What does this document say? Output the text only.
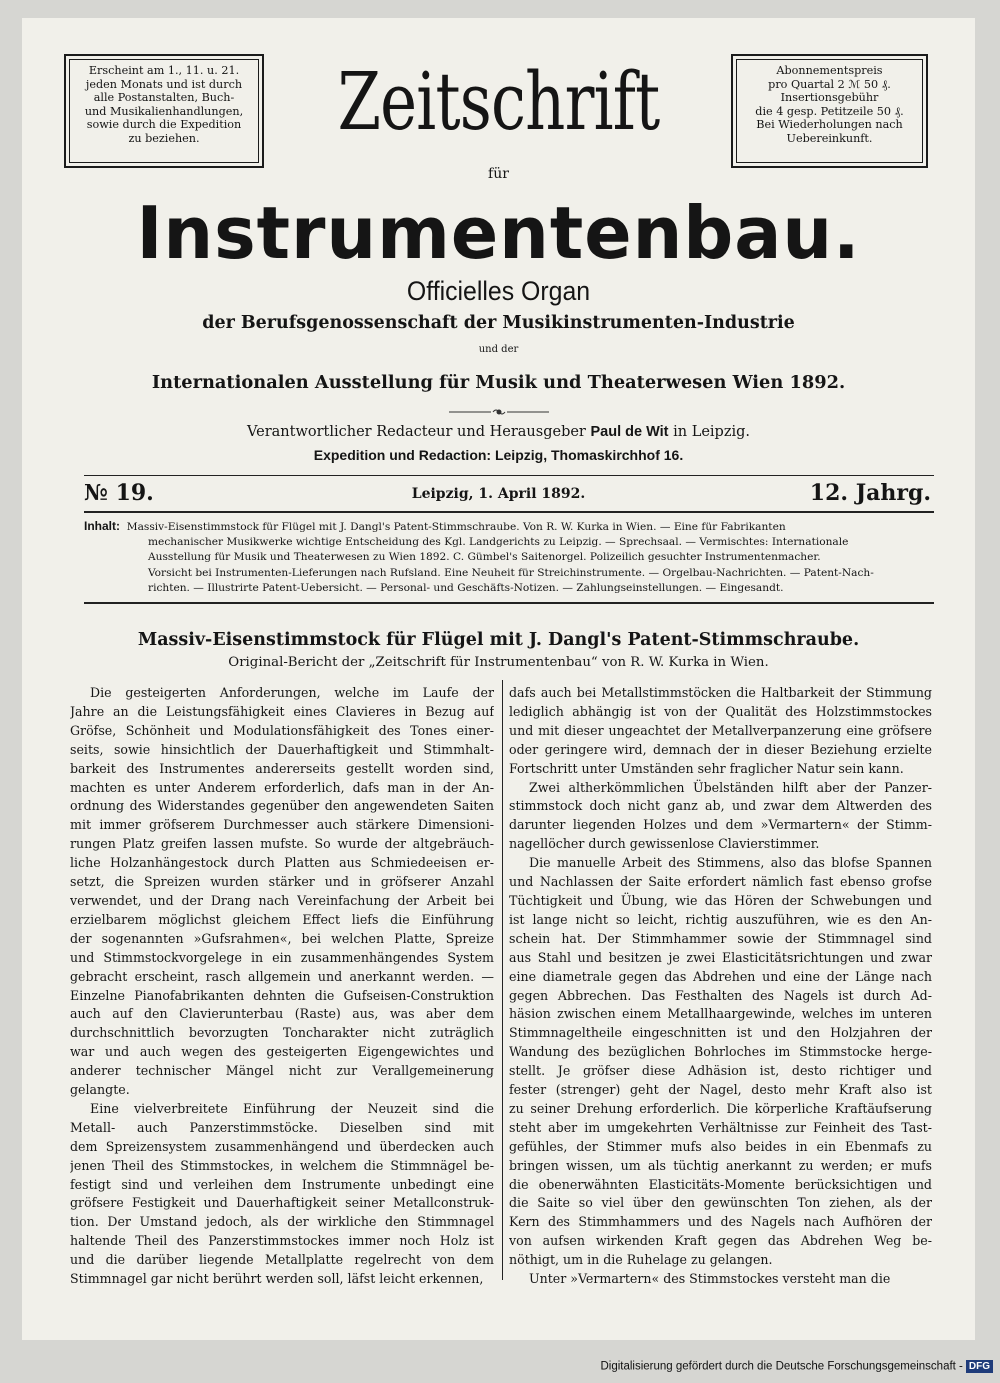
Erscheint am 1., 11. u. 21.
jeden Monats und ist durch
alle Postanstalten, Buch-
und Musikalienhandlungen,
sowie durch die Expedition
zu beziehen.
Abonnementspreis
pro Quartal 2 ℳ 50 ₰.
Insertionsgebühr
die 4 gesp. Petitzeile 50 ₰.
Bei Wiederholungen nach
Uebereinkunft.
Zeitschrift
für
Instrumentenbau.
Officielles Organ
der Berufsgenossenschaft der Musikinstrumenten-Industrie
und der
Internationalen Ausstellung für Musik und Theaterwesen Wien 1892.
Verantwortlicher Redacteur und Herausgeber Paul de Wit in Leipzig.
Expedition und Redaction: Leipzig, Thomaskirchhof 16.
№ 19.	Leipzig, 1. April 1892.	12. Jahrg.
Inhalt: Massiv-Eisenstimmstock für Flügel mit J. Dangl's Patent-Stimmschraube. Von R. W. Kurka in Wien. — Eine für Fabrikanten
mechanischer Musikwerke wichtige Entscheidung des Kgl. Landgerichts zu Leipzig. — Sprechsaal. — Vermischtes: Internationale
Ausstellung für Musik und Theaterwesen zu Wien 1892. C. Gümbel's Saitenorgel. Polizeilich gesuchter Instrumentenmacher.
Vorsicht bei Instrumenten-Lieferungen nach Rufsland. Eine Neuheit für Streichinstrumente. — Orgelbau-Nachrichten. — Patent-Nach-
richten. — Illustrirte Patent-Uebersicht. — Personal- und Geschäfts-Notizen. — Zahlungseinstellungen. — Eingesandt.
Massiv-Eisenstimmstock für Flügel mit J. Dangl's Patent-Stimmschraube.
Original-Bericht der „Zeitschrift für Instrumentenbau“ von R. W. Kurka in Wien.
Die gesteigerten Anforderungen, welche im Laufe der
Jahre an die Leistungsfähigkeit eines Clavieres in Bezug auf
Gröfse, Schönheit und Modulationsfähigkeit des Tones einer-
seits, sowie hinsichtlich der Dauerhaftigkeit und Stimmhalt-
barkeit des Instrumentes andererseits gestellt worden sind,
machten es unter Anderem erforderlich, dafs man in der An-
ordnung des Widerstandes gegenüber den angewendeten Saiten
mit immer gröfserem Durchmesser auch stärkere Dimensioni-
rungen Platz greifen lassen mufste. So wurde der altgebräuch-
liche Holzanhängestock durch Platten aus Schmiedeeisen er-
setzt, die Spreizen wurden stärker und in gröfserer Anzahl
verwendet, und der Drang nach Vereinfachung der Arbeit bei
erzielbarem möglichst gleichem Effect liefs die Einführung
der sogenannten »Gufsrahmen«, bei welchen Platte, Spreize
und Stimmstockvorgelege in ein zusammenhängendes System
gebracht erscheint, rasch allgemein und anerkannt werden. —
Einzelne Pianofabrikanten dehnten die Gufseisen-Construktion
auch auf den Clavierunterbau (Raste) aus, was aber dem
durchschnittlich bevorzugten Toncharakter nicht zuträglich
war und auch wegen des gesteigerten Eigengewichtes und
anderer technischer Mängel nicht zur Verallgemeinerung
gelangte.
Eine vielverbreitete Einführung der Neuzeit sind die
Metall- auch Panzerstimmstöcke. Dieselben sind mit
dem Spreizensystem zusammenhängend und überdecken auch
jenen Theil des Stimmstockes, in welchem die Stimmnägel be-
festigt sind und verleihen dem Instrumente unbedingt eine
gröfsere Festigkeit und Dauerhaftigkeit seiner Metallconstruk-
tion. Der Umstand jedoch, als der wirkliche den Stimmnagel
haltende Theil des Panzerstimmstockes immer noch Holz ist
und die darüber liegende Metallplatte regelrecht von dem
Stimmnagel gar nicht berührt werden soll, läfst leicht erkennen,
dafs auch bei Metallstimmstöcken die Haltbarkeit der Stimmung
lediglich abhängig ist von der Qualität des Holzstimmstockes
und mit dieser ungeachtet der Metallverpanzerung eine gröfsere
oder geringere wird, demnach der in dieser Beziehung erzielte
Fortschritt unter Umständen sehr fraglicher Natur sein kann.
Zwei altherkömmlichen Übelständen hilft aber der Panzer-
stimmstock doch nicht ganz ab, und zwar dem Altwerden des
darunter liegenden Holzes und dem »Vermartern« der Stimm-
nagellöcher durch gewissenlose Clavierstimmer.
Die manuelle Arbeit des Stimmens, also das blofse Spannen
und Nachlassen der Saite erfordert nämlich fast ebenso grofse
Tüchtigkeit und Übung, wie das Hören der Schwebungen und
ist lange nicht so leicht, richtig auszuführen, wie es den An-
schein hat. Der Stimmhammer sowie der Stimmnagel sind
aus Stahl und besitzen je zwei Elasticitätsrichtungen und zwar
eine diametrale gegen das Abdrehen und eine der Länge nach
gegen Abbrechen. Das Festhalten des Nagels ist durch Ad-
häsion zwischen einem Metallhaargewinde, welches im unteren
Stimmnageltheile eingeschnitten ist und den Holzjahren der
Wandung des bezüglichen Bohrloches im Stimmstocke herge-
stellt. Je gröfser diese Adhäsion ist, desto richtiger und
fester (strenger) geht der Nagel, desto mehr Kraft also ist
zu seiner Drehung erforderlich. Die körperliche Kraftäufserung
steht aber im umgekehrten Verhältnisse zur Feinheit des Tast-
gefühles, der Stimmer mufs also beides in ein Ebenmafs zu
bringen wissen, um als tüchtig anerkannt zu werden; er mufs
die obenerwähnten Elasticitäts-Momente berücksichtigen und
die Saite so viel über den gewünschten Ton ziehen, als der
Kern des Stimmhammers und des Nagels nach Aufhören der
von aufsen wirkenden Kraft gegen das Abdrehen Weg be-
nöthigt, um in die Ruhelage zu gelangen.
Unter »Vermartern« des Stimmstockes versteht man die
Digitalisierung gefördert durch die Deutsche Forschungsgemeinschaft - DFG
